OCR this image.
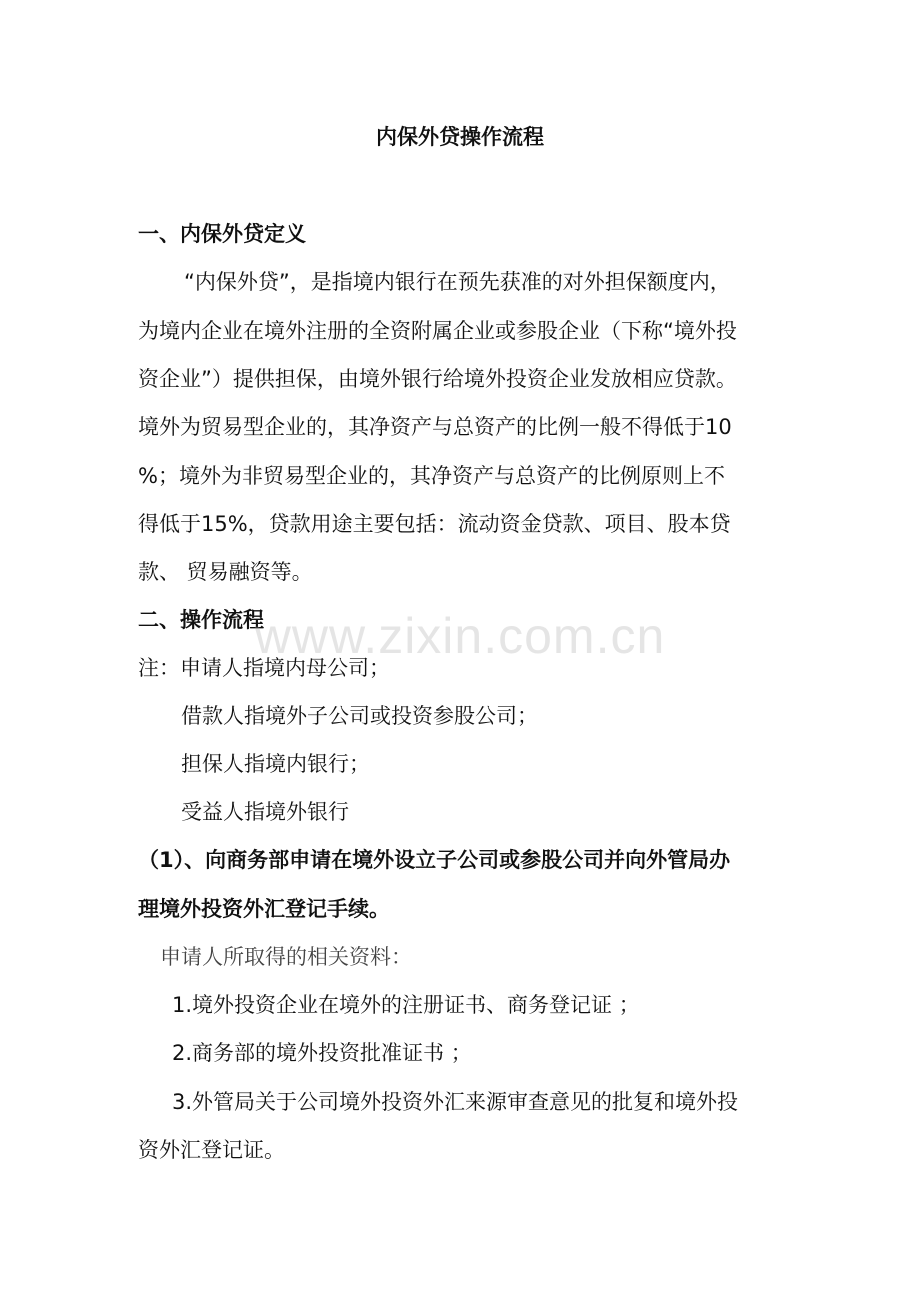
内保外贷操作流程
一、内保外贷定义
“内保外贷”，是指境内银行在预先获准的对外担保额度内，
为境内企业在境外注册的全资附属企业或参股企业（下称“境外投
资企业”）提供担保，由境外银行给境外投资企业发放相应贷款。
境外为贸易型企业的，其净资产与总资产的比例一般不得低于10
%；境外为非贸易型企业的，其净资产与总资产的比例原则上不
得低于15%，贷款用途主要包括：流动资金贷款、项目、股本贷
款、 贸易融资等。
二、操作流程
注：申请人指境内母公司；
借款人指境外子公司或投资参股公司；
担保人指境内银行；
受益人指境外银行
（1）、向商务部申请在境外设立子公司或参股公司并向外管局办
理境外投资外汇登记手续。
申请人所取得的相关资料：
1.境外投资企业在境外的注册证书、商务登记证 ；
2.商务部的境外投资批准证书 ；
3.外管局关于公司境外投资外汇来源审查意见的批复和境外投
资外汇登记证。
www.zixin.com.cn
